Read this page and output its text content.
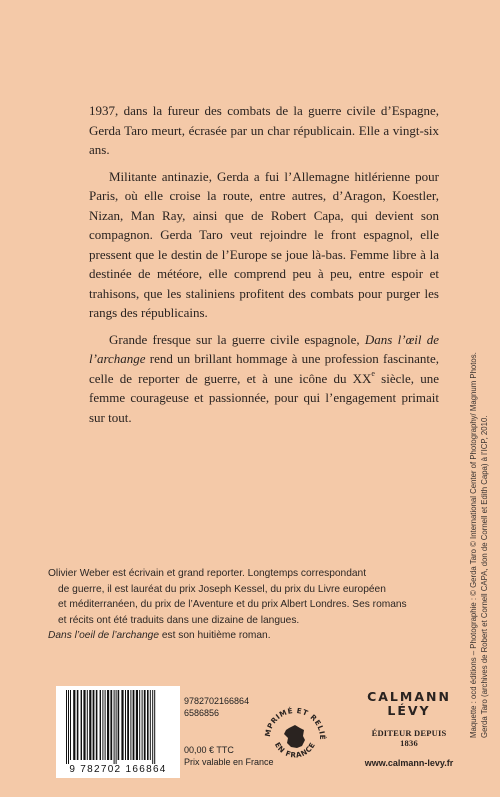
1937, dans la fureur des combats de la guerre civile d’Espagne, Gerda Taro meurt, écrasée par un char républicain. Elle a vingt-six ans.

Militante antinazie, Gerda a fui l’Allemagne hitlérienne pour Paris, où elle croise la route, entre autres, d’Aragon, Koestler, Nizan, Man Ray, ainsi que de Robert Capa, qui devient son compagnon. Gerda Taro veut rejoindre le front espagnol, elle pressent que le destin de l’Europe se joue là-bas. Femme libre à la destinée de météore, elle comprend peu à peu, entre espoir et trahisons, que les staliniens profitent des combats pour purger les rangs des républicains.

Grande fresque sur la guerre civile espagnole, Dans l’œil de l’archange rend un brillant hommage à une profession fascinante, celle de reporter de guerre, et à une icône du XXe siècle, une femme courageuse et passionnée, pour qui l’engagement primait sur tout.

Olivier Weber est écrivain et grand reporter. Longtemps correspondant

de guerre, il est lauréat du prix Joseph Kessel, du prix du Livre européen

et méditerranéen, du prix de l’Aventure et du prix Albert Londres. Ses romans

et récits ont été traduits dans une dizaine de langues.

Dans l’oeil de l’archange est son huitième roman.	Maquette : ocd éditions – Photographie : © Gerda Taro © International Center of Photography/ Magnum Photos. Gerda Taro (archives de Robert et Cornell CAPA, don de Cornell et Edith Capa) à l’ICP, 2010.
9 782702 166864
9782702166864
6586856
00,00 € TTC
Prix valable en France
MPRIMÉ ET RELIÉ
EN FRANCE
CALMANN
LÉVY
ÉDITEUR DEPUIS 1836
www.calmann-levy.fr
